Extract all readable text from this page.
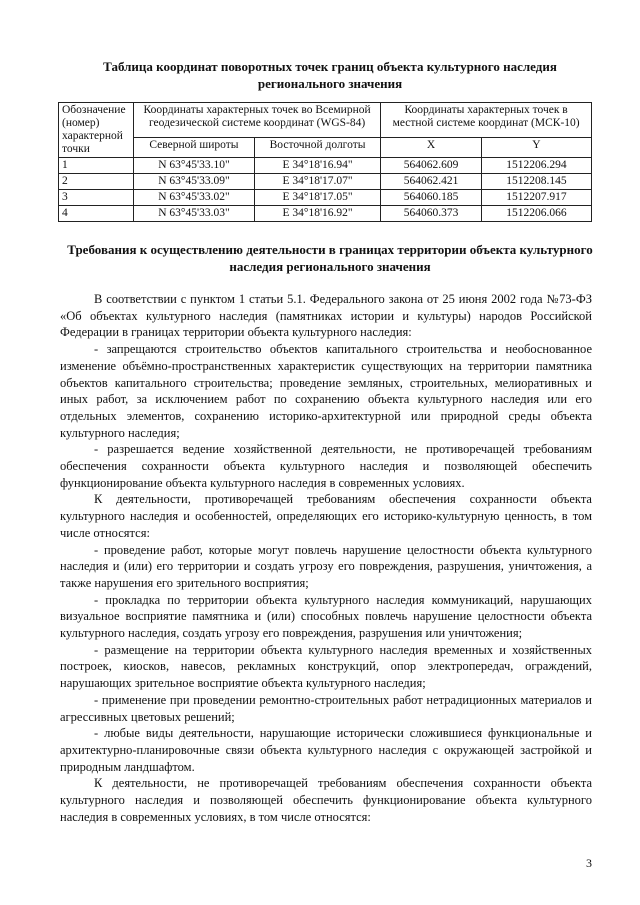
Таблица координат поворотных точек границ объекта культурного наследия регионального значения
Обозначение (номер) характерной точки	Координаты характерных точек во Всемирной геодезической системе координат (WGS-84)		Координаты характерных точек в местной системе координат (МСК-10)	
	Северной широты	Восточной долготы	X	Y
1	N 63°45'33.10"	E 34°18'16.94"	564062.609	1512206.294
2	N 63°45'33.09"	E 34°18'17.07"	564062.421	1512208.145
3	N 63°45'33.02"	E 34°18'17.05"	564060.185	1512207.917
4	N 63°45'33.03"	E 34°18'16.92"	564060.373	1512206.066
Требования к осуществлению деятельности в границах территории объекта культурного наследия регионального значения

В соответствии с пунктом 1 статьи 5.1. Федерального закона от 25 июня 2002 года №73-ФЗ «Об объектах культурного наследия (памятниках истории и культуры) народов Российской Федерации в границах территории объекта культурного наследия:

- запрещаются строительство объектов капитального строительства и необоснованное изменение объёмно-пространственных характеристик существующих на территории памятника объектов капитального строительства; проведение земляных, строительных, мелиоративных и иных работ, за исключением работ по сохранению объекта культурного наследия или его отдельных элементов, сохранению историко-архитектурной или природной среды объекта культурного наследия;

- разрешается ведение хозяйственной деятельности, не противоречащей требованиям обеспечения сохранности объекта культурного наследия и позволяющей обеспечить функционирование объекта культурного наследия в современных условиях.

К деятельности, противоречащей требованиям обеспечения сохранности объекта культурного наследия и особенностей, определяющих его историко-культурную ценность, в том числе относятся:

- проведение работ, которые могут повлечь нарушение целостности объекта культурного наследия и (или) его территории и создать угрозу его повреждения, разрушения, уничтожения, а также нарушения его зрительного восприятия;

- прокладка по территории объекта культурного наследия коммуникаций, нарушающих визуальное восприятие памятника и (или) способных повлечь нарушение целостности объекта культурного наследия, создать угрозу его повреждения, разрушения или уничтожения;

- размещение на территории объекта культурного наследия временных и хозяйственных построек, киосков, навесов, рекламных конструкций, опор электропередач, ограждений, нарушающих зрительное восприятие объекта культурного наследия;

- применение при проведении ремонтно-строительных работ нетрадиционных материалов и агрессивных цветовых решений;

- любые виды деятельности, нарушающие исторически сложившиеся функциональные и архитектурно-планировочные связи объекта культурного наследия с окружающей застройкой и природным ландшафтом.

К деятельности, не противоречащей требованиям обеспечения сохранности объекта культурного наследия и позволяющей обеспечить функционирование объекта культурного наследия в современных условиях, в том числе относятся:

3
